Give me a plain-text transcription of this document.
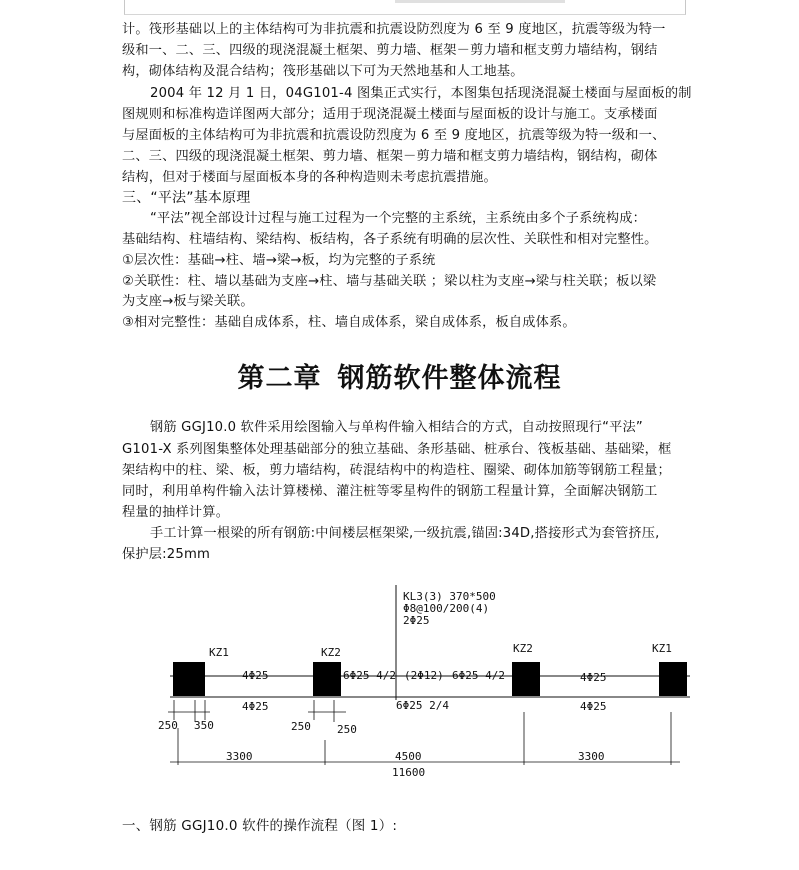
计。筏形基础以上的主体结构可为非抗震和抗震设防烈度为 6 至 9 度地区，抗震等级为特一
级和一、二、三、四级的现浇混凝土框架、剪力墙、框架－剪力墙和框支剪力墙结构，钢结
构，砌体结构及混合结构；筏形基础以下可为天然地基和人工地基。
2004 年 12 月 1 日，04G101-4 图集正式实行，本图集包括现浇混凝土楼面与屋面板的制
图规则和标准构造详图两大部分；适用于现浇混凝土楼面与屋面板的设计与施工。支承楼面
与屋面板的主体结构可为非抗震和抗震设防烈度为 6 至 9 度地区，抗震等级为特一级和一、
二、三、四级的现浇混凝土框架、剪力墙、框架－剪力墙和框支剪力墙结构，钢结构，砌体
结构，但对于楼面与屋面板本身的各种构造则未考虑抗震措施。
三、“平法”基本原理
“平法”视全部设计过程与施工过程为一个完整的主系统，主系统由多个子系统构成：
基础结构、柱墙结构、梁结构、板结构，各子系统有明确的层次性、关联性和相对完整性。
①层次性：基础→柱、墙→梁→板，均为完整的子系统
②关联性：柱、墙以基础为支座→柱、墙与基础关联 ；梁以柱为支座→梁与柱关联；板以梁
为支座→板与梁关联。
③相对完整性：基础自成体系，柱、墙自成体系，梁自成体系，板自成体系。
第二章 钢筋软件整体流程
钢筋 GGJ10.0 软件采用绘图输入与单构件输入相结合的方式，自动按照现行“平法”
G101-X 系列图集整体处理基础部分的独立基础、条形基础、桩承台、筏板基础、基础梁，框
架结构中的柱、梁、板，剪力墙结构，砖混结构中的构造柱、圈梁、砌体加筋等钢筋工程量；
同时，利用单构件输入法计算楼梯、灌注桩等零星构件的钢筋工程量计算，全面解决钢筋工
程量的抽样计算。
手工计算一根梁的所有钢筋:中间楼层框架梁,一级抗震,锚固:34D,搭接形式为套管挤压,
保护层:25mm
KL3(3) 370*500
Φ8@100/200(4)
2Φ25
KZ1	KZ2	KZ2	KZ1
4Φ25	6Φ25 4/2 (2Φ12) 6Φ25 4/2	4Φ25
4Φ25	6Φ25 2/4	4Φ25
250 350	250 250
3300	4500	3300
11600
一、钢筋 GGJ10.0 软件的操作流程（图 1）:
